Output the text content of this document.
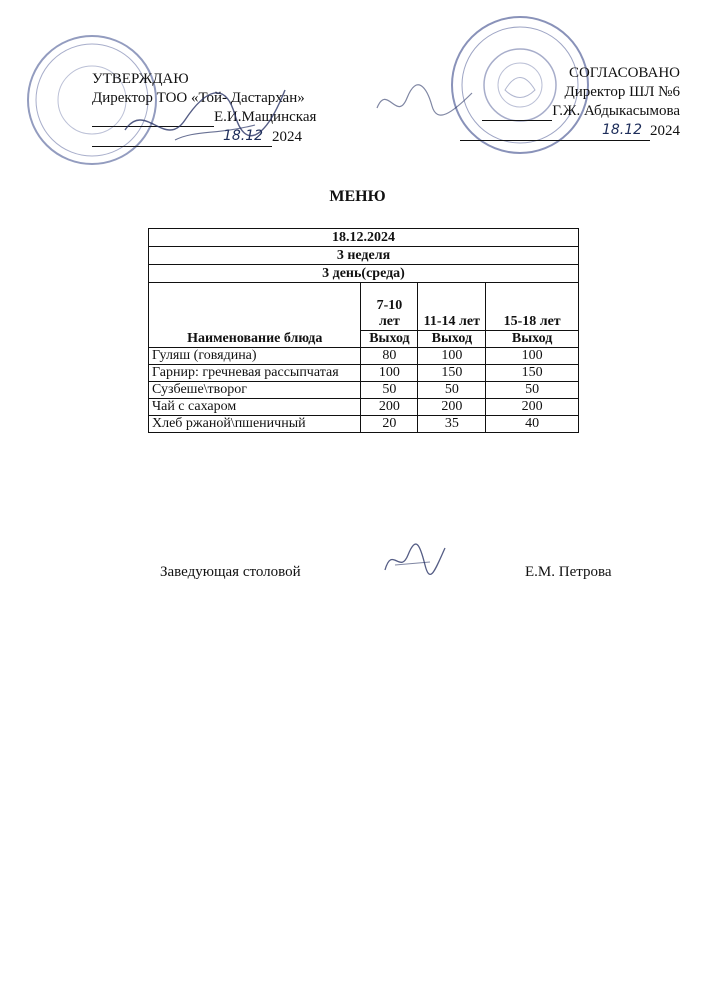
УТВЕРЖДАЮ
Директор ТОО «Той- Дастархан»
Е.И.Мащинская
18.12 2024
СОГЛАСОВАНО
Директор ШЛ №6
Г.Ж. Абдыкасымова
18.12 2024
МЕНЮ
18.12.2024			
3 неделя			
3 день(среда)			
Наименование блюда	7-10 лет	11-14 лет	15-18 лет
	Выход	Выход	Выход
Гуляш (говядина)	80	100	100
Гарнир: гречневая рассыпчатая	100	150	150
Сузбеше\творог	50	50	50
Чай с сахаром	200	200	200
Хлеб ржаной\пшеничный	20	35	40
Заведующая столовой	Е.М. Петрова
